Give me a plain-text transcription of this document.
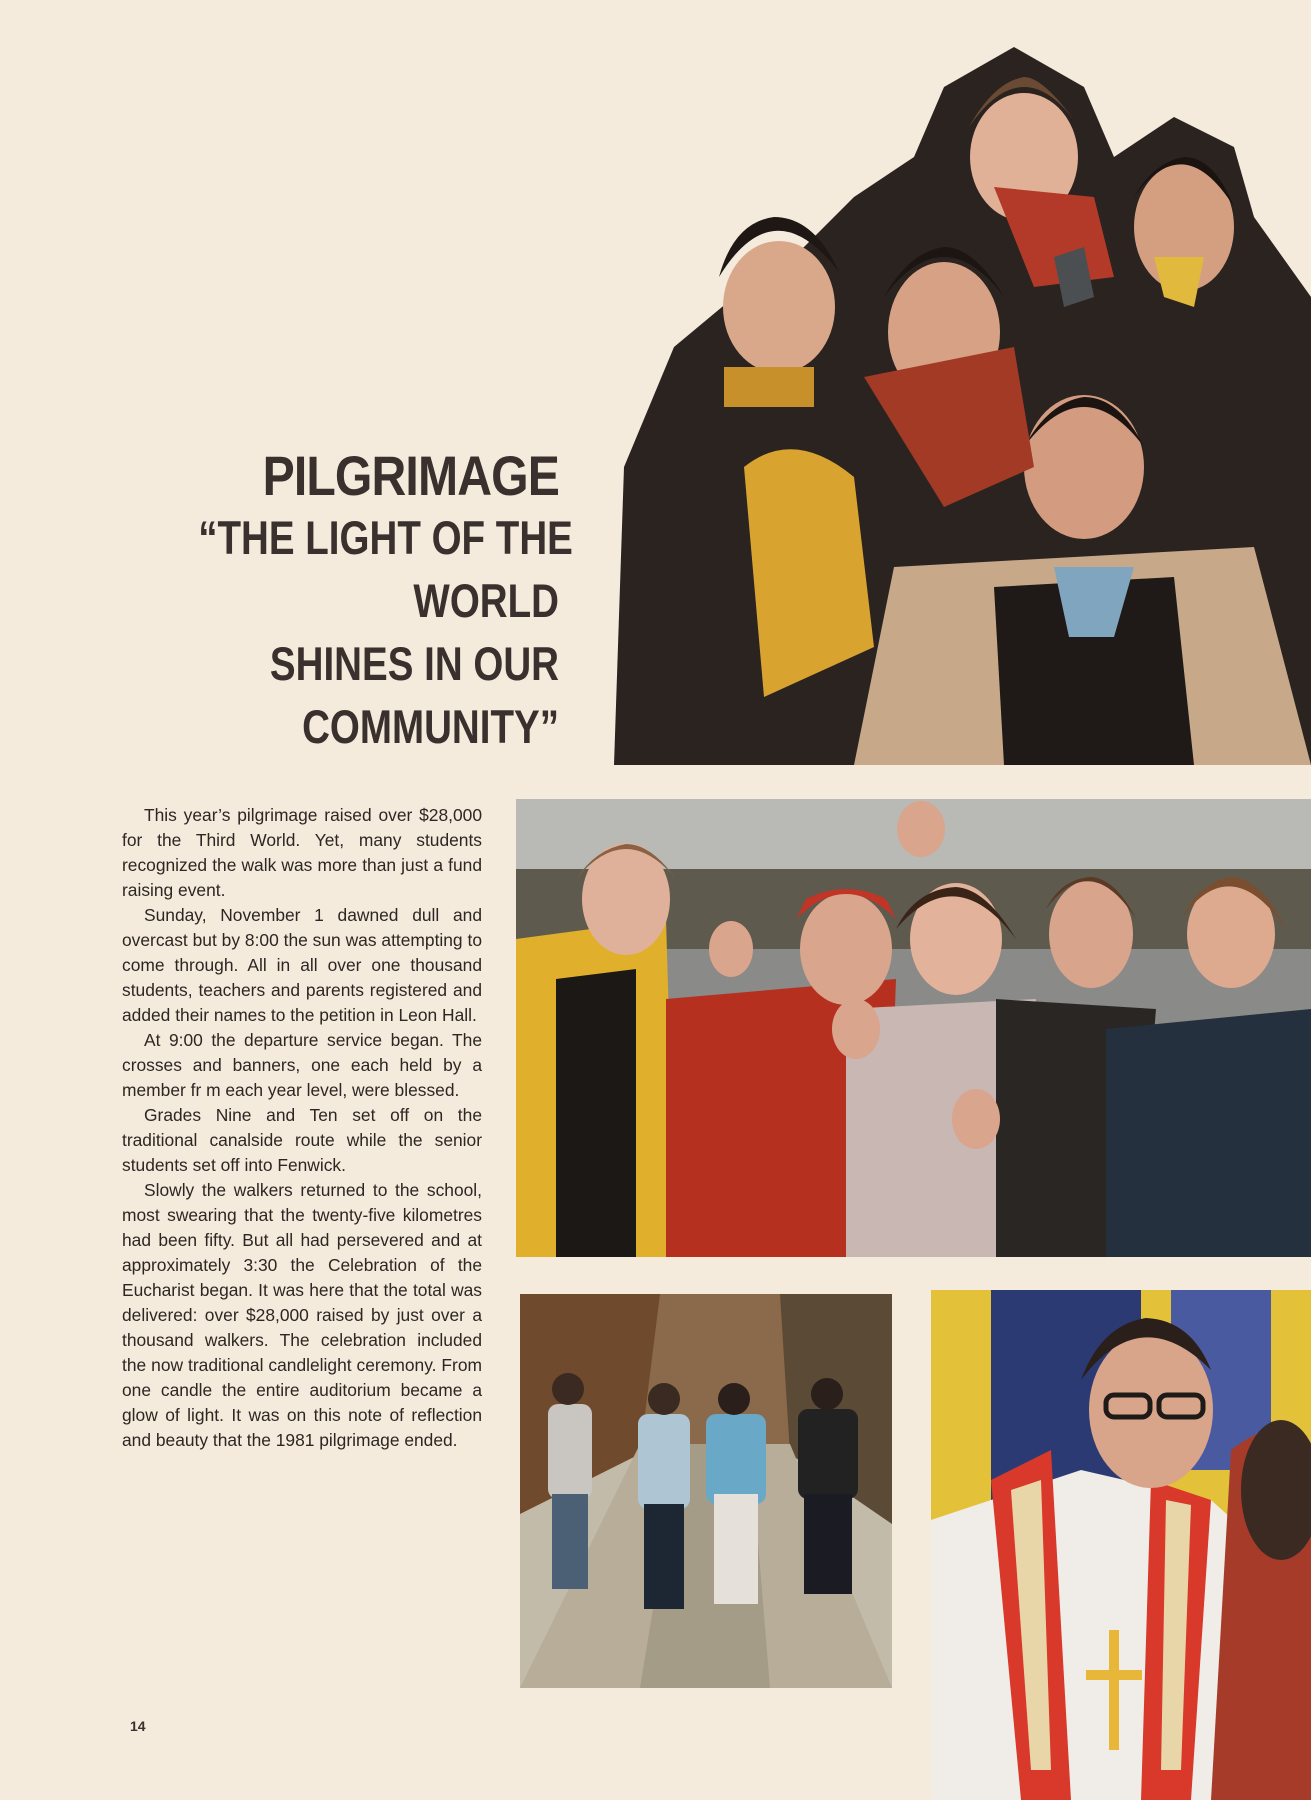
PILGRIMAGE
“THE LIGHT OF THE
WORLD
SHINES IN OUR
COMMUNITY”

This year’s pilgrimage raised over $28,000 for the Third World. Yet, many students recognized the walk was more than just a fund raising event.

Sunday, November 1 dawned dull and overcast but by 8:00 the sun was attempting to come through. All in all over one thousand students, teachers and parents registered and added their names to the petition in Leon Hall.

At 9:00 the departure service began. The crosses and banners, one each held by a member fr m each year level, were blessed.

Grades Nine and Ten set off on the traditional canalside route while the senior students set off into Fenwick.

Slowly the walkers returned to the school, most swearing that the twenty-five kilometres had been fifty. But all had persevered and at approximately 3:30 the Celebration of the Eucharist began. It was here that the total was delivered: over $28,000 raised by just over a thousand walkers. The celebration included the now traditional candlelight ceremony. From one candle the entire auditorium became a glow of light. It was on this note of reflection and beauty that the 1981 pilgrimage ended.

14
